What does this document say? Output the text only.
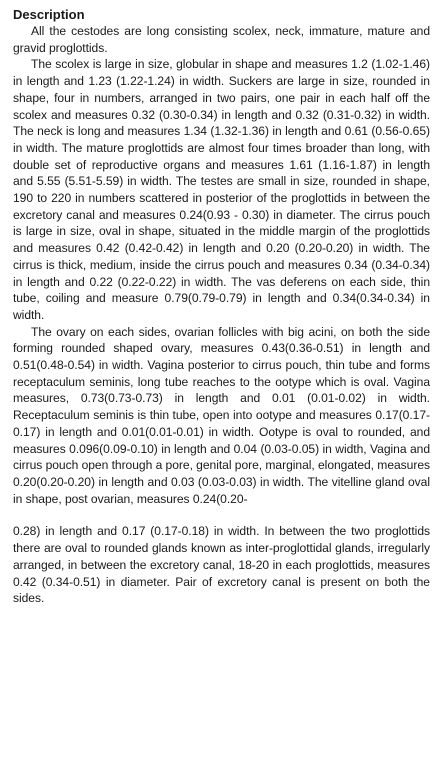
Description

All the cestodes are long consisting scolex, neck, immature, mature and gravid proglottids.

The scolex is large in size, globular in shape and measures 1.2 (1.02-1.46) in length and 1.23 (1.22-1.24) in width. Suckers are large in size, rounded in shape, four in numbers, arranged in two pairs, one pair in each half off the scolex and measures 0.32 (0.30-0.34) in length and 0.32 (0.31-0.32) in width. The neck is long and measures 1.34 (1.32-1.36) in length and 0.61 (0.56-0.65) in width. The mature proglottids are almost four times broader than long, with double set of reproductive organs and measures 1.61 (1.16-1.87) in length and 5.55 (5.51-5.59) in width. The testes are small in size, rounded in shape, 190 to 220 in numbers scattered in posterior of the proglottids in between the excretory canal and measures 0.24(0.93 - 0.30) in diameter. The cirrus pouch is large in size, oval in shape, situated in the middle margin of the proglottids and measures 0.42 (0.42-0.42) in length and 0.20 (0.20-0.20) in width. The cirrus is thick, medium, inside the cirrus pouch and measures 0.34 (0.34-0.34) in length and 0.22 (0.22-0.22) in width. The vas deferens on each side, thin tube, coiling and measure 0.79(0.79-0.79) in length and 0.34(0.34-0.34) in width.

The ovary on each sides, ovarian follicles with big acini, on both the side forming rounded shaped ovary, measures 0.43(0.36-0.51) in length and 0.51(0.48-0.54) in width. Vagina posterior to cirrus pouch, thin tube and forms receptaculum seminis, long tube reaches to the ootype which is oval. Vagina measures, 0.73(0.73-0.73) in length and 0.01 (0.01-0.02) in width. Receptaculum seminis is thin tube, open into ootype and measures 0.17(0.17-0.17) in length and 0.01(0.01-0.01) in width. Ootype is oval to rounded, and measures 0.096(0.09-0.10) in length and 0.04 (0.03-0.05) in width, Vagina and cirrus pouch open through a pore, genital pore, marginal, elongated, measures 0.20(0.20-0.20) in length and 0.03 (0.03-0.03) in width. The vitelline gland oval in shape, post ovarian, measures 0.24(0.20-

0.28) in length and 0.17 (0.17-0.18) in width. In between the two proglottids there are oval to rounded glands known as inter-proglottidal glands, irregularly arranged, in between the excretory canal, 18-20 in each proglottids, measures 0.42 (0.34-0.51) in diameter. Pair of excretory canal is present on both the sides.
